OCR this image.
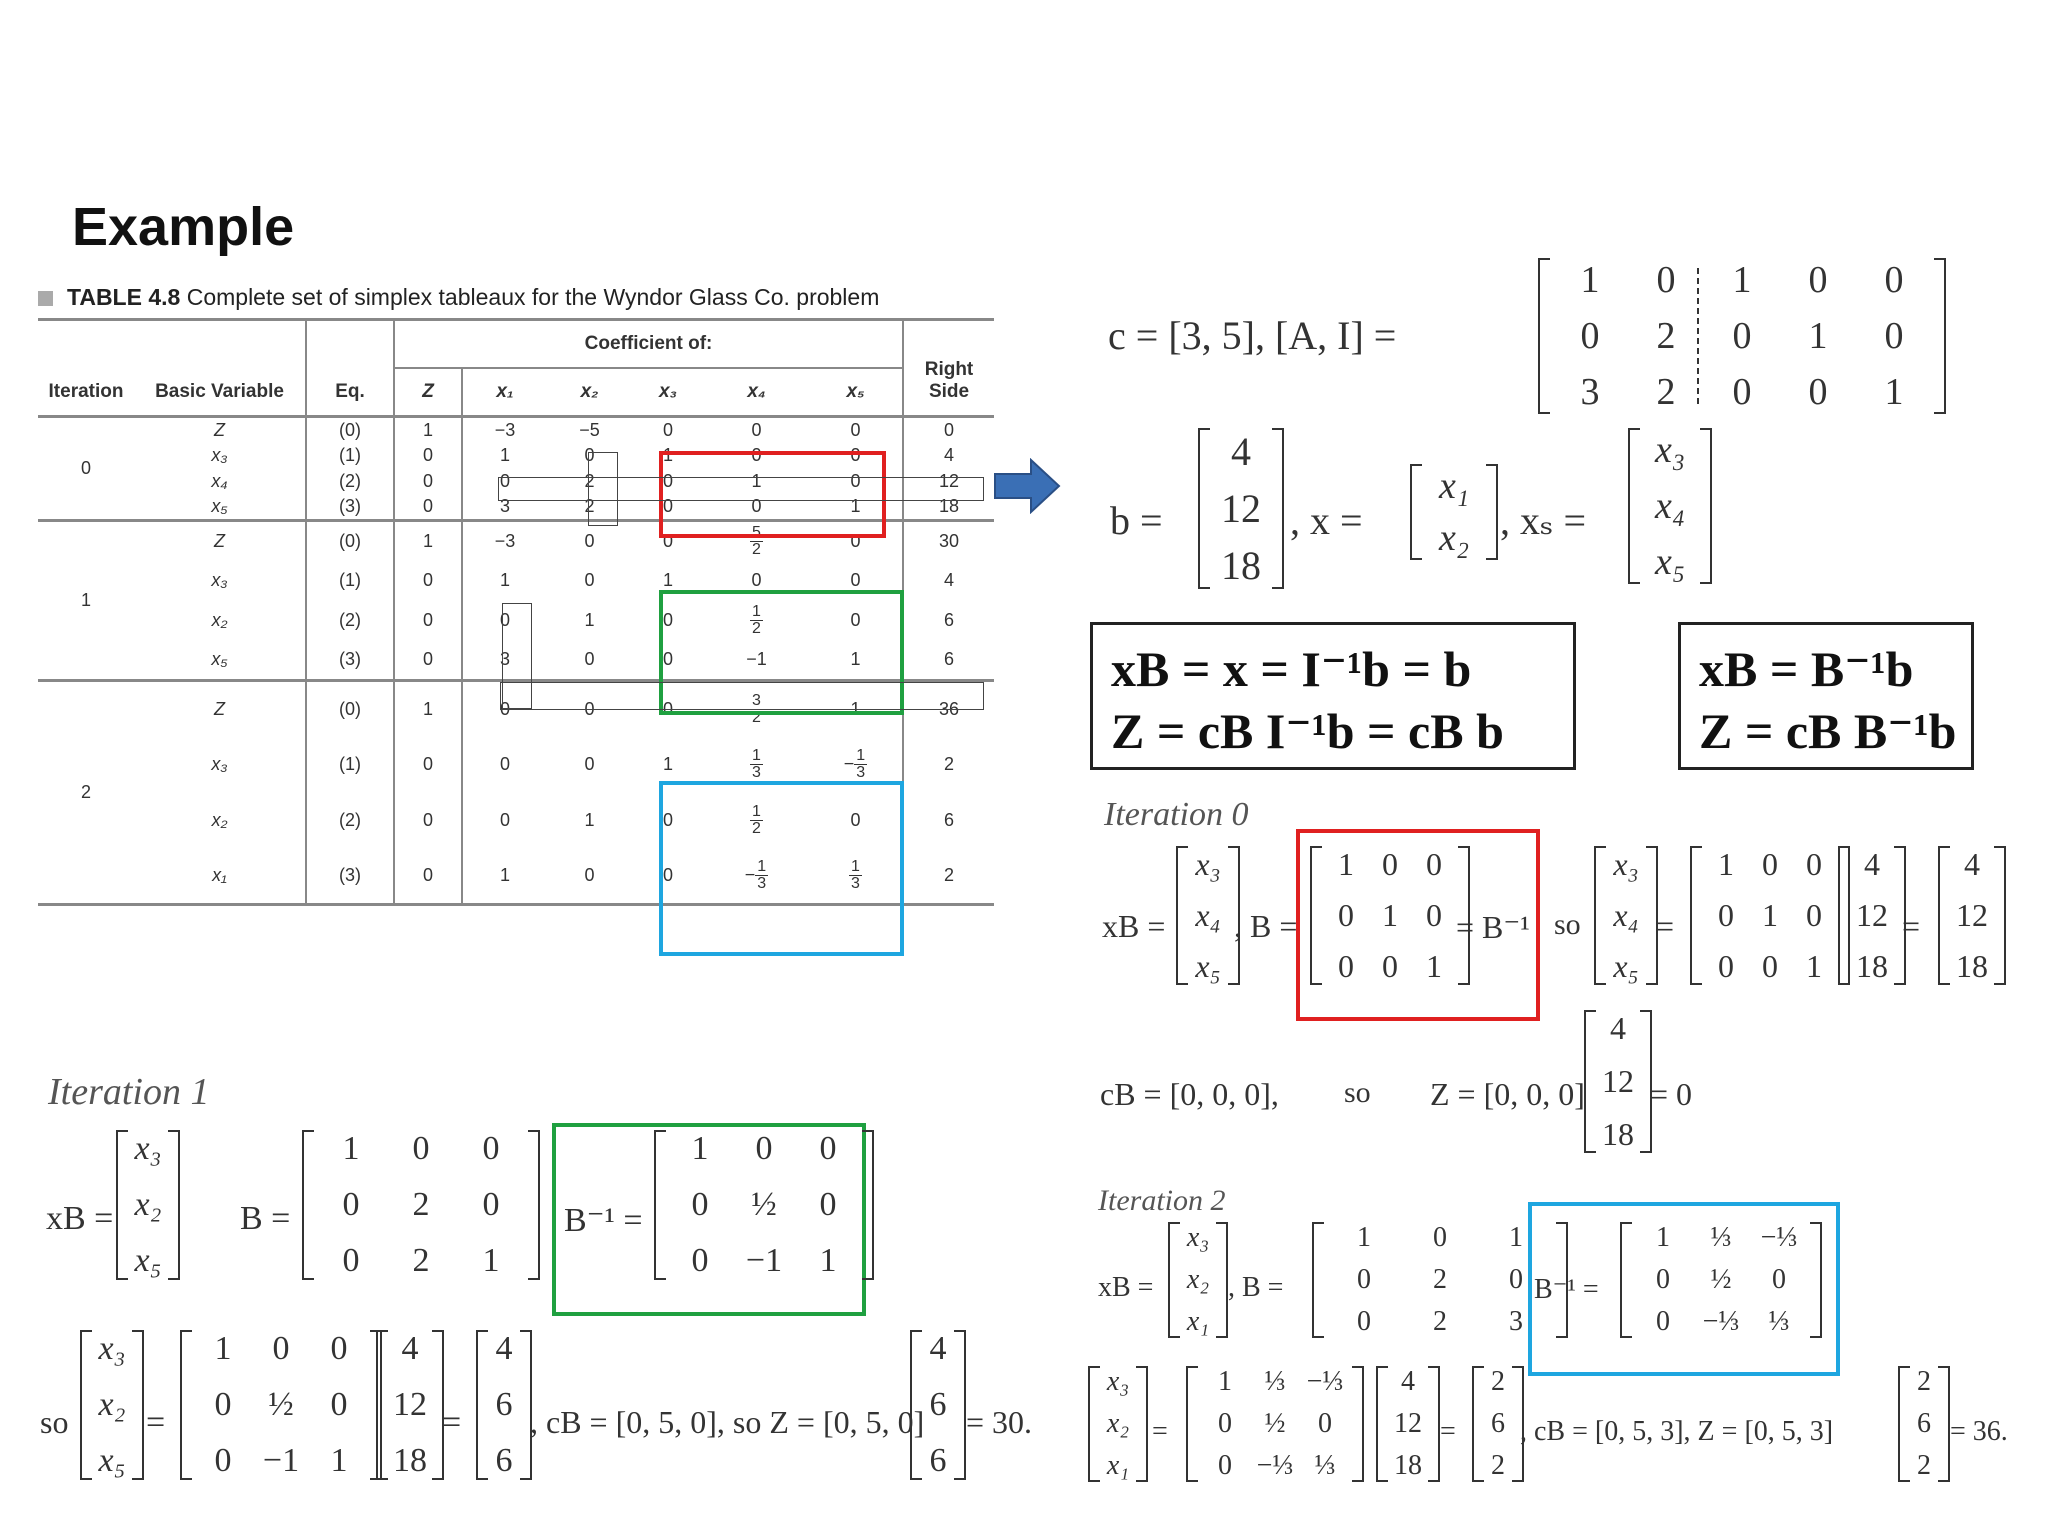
Example
TABLE 4.8 Complete set of simplex tableaux for the Wyndor Glass Co. problem
Iteration	Basic Variable	Eq.	Coefficient of:						Right Side
			Z	x₁	x₂	x₃	x₄	x₅	
0	Z	(0)	1	−3	−5	0	0	0	0
	x₃	(1)	0	1	0	1	0	0	4
	x₄	(2)	0	0	2	0	1	0	12
	x₅	(3)	0	3	2	0	0	1	18
1	Z	(0)	1	−3	0	0	$\frac{5}{2}$	0	30
	x₃	(1)	0	1	0	1	0	0	4
	x₂	(2)	0	0	1	0	$\frac{1}{2}$	0	6
	x₅	(3)	0	3	0	0	−1	1	6
2	Z	(0)	1	0	0	0	$\frac{3}{2}$	1	36
	x₃	(1)	0	0	0	1	$\frac{1}{3}$	− $\frac{1}{3}$	2
	x₂	(2)	0	0	1	0	$\frac{1}{2}$	0	6
	x₁	(3)	0	1	0	0	− $\frac{1}{3}$	$\frac{1}{3}$	2
c = [3, 5], [A, I] =
1	0	1	0	0
0	2	0	1	0
3	2	0	0	1
b =
4
12
18
, x =
x₁
x₂ , xₛ =
x₃
x₄
x₅
xB = x = I⁻¹b = b
Z = cB I⁻¹b = cB b
xB = B⁻¹b
Z = cB B⁻¹b
Iteration 0
xB =
x₃
x₄
x₅
, B =
1 0 0
0 1 0
0 0 1
= B⁻¹ so
x₃
x₄
x₅
=
1 0 0
0 1 0
0 0 1
4
12
18
=
4
12
18
cB = [0, 0, 0], so Z = [0, 0, 0]
4
12
18
= 0
Iteration 1
xB =
x₃
x₂
x₅
B =
1	0	0
0	2	0
0	2	1
B⁻¹ =
1	0	0
0	½	0
0	−1	1
so
x₃
x₂
x₅
=
1	0	0
0	½	0
0 −1 1
4
12
18
=
4
6
6
, cB = [0, 5, 0], so Z = [0, 5, 0]
4
6
6
= 30.
Iteration 2
xB =
x₃
x₂
x₁
, B =
1	0	1
0	2	0
0	2	3
B⁻¹ =
1	⅓	−⅓
0	½	0
0	−⅓	⅓
x₃
x₂
x₁
=
1	⅓ −⅓
0	½	0
0 −⅓ ⅓
4
12
18
=
2
6
2
, cB = [0, 5, 3], Z = [0, 5, 3]
2
6
2
= 36.
